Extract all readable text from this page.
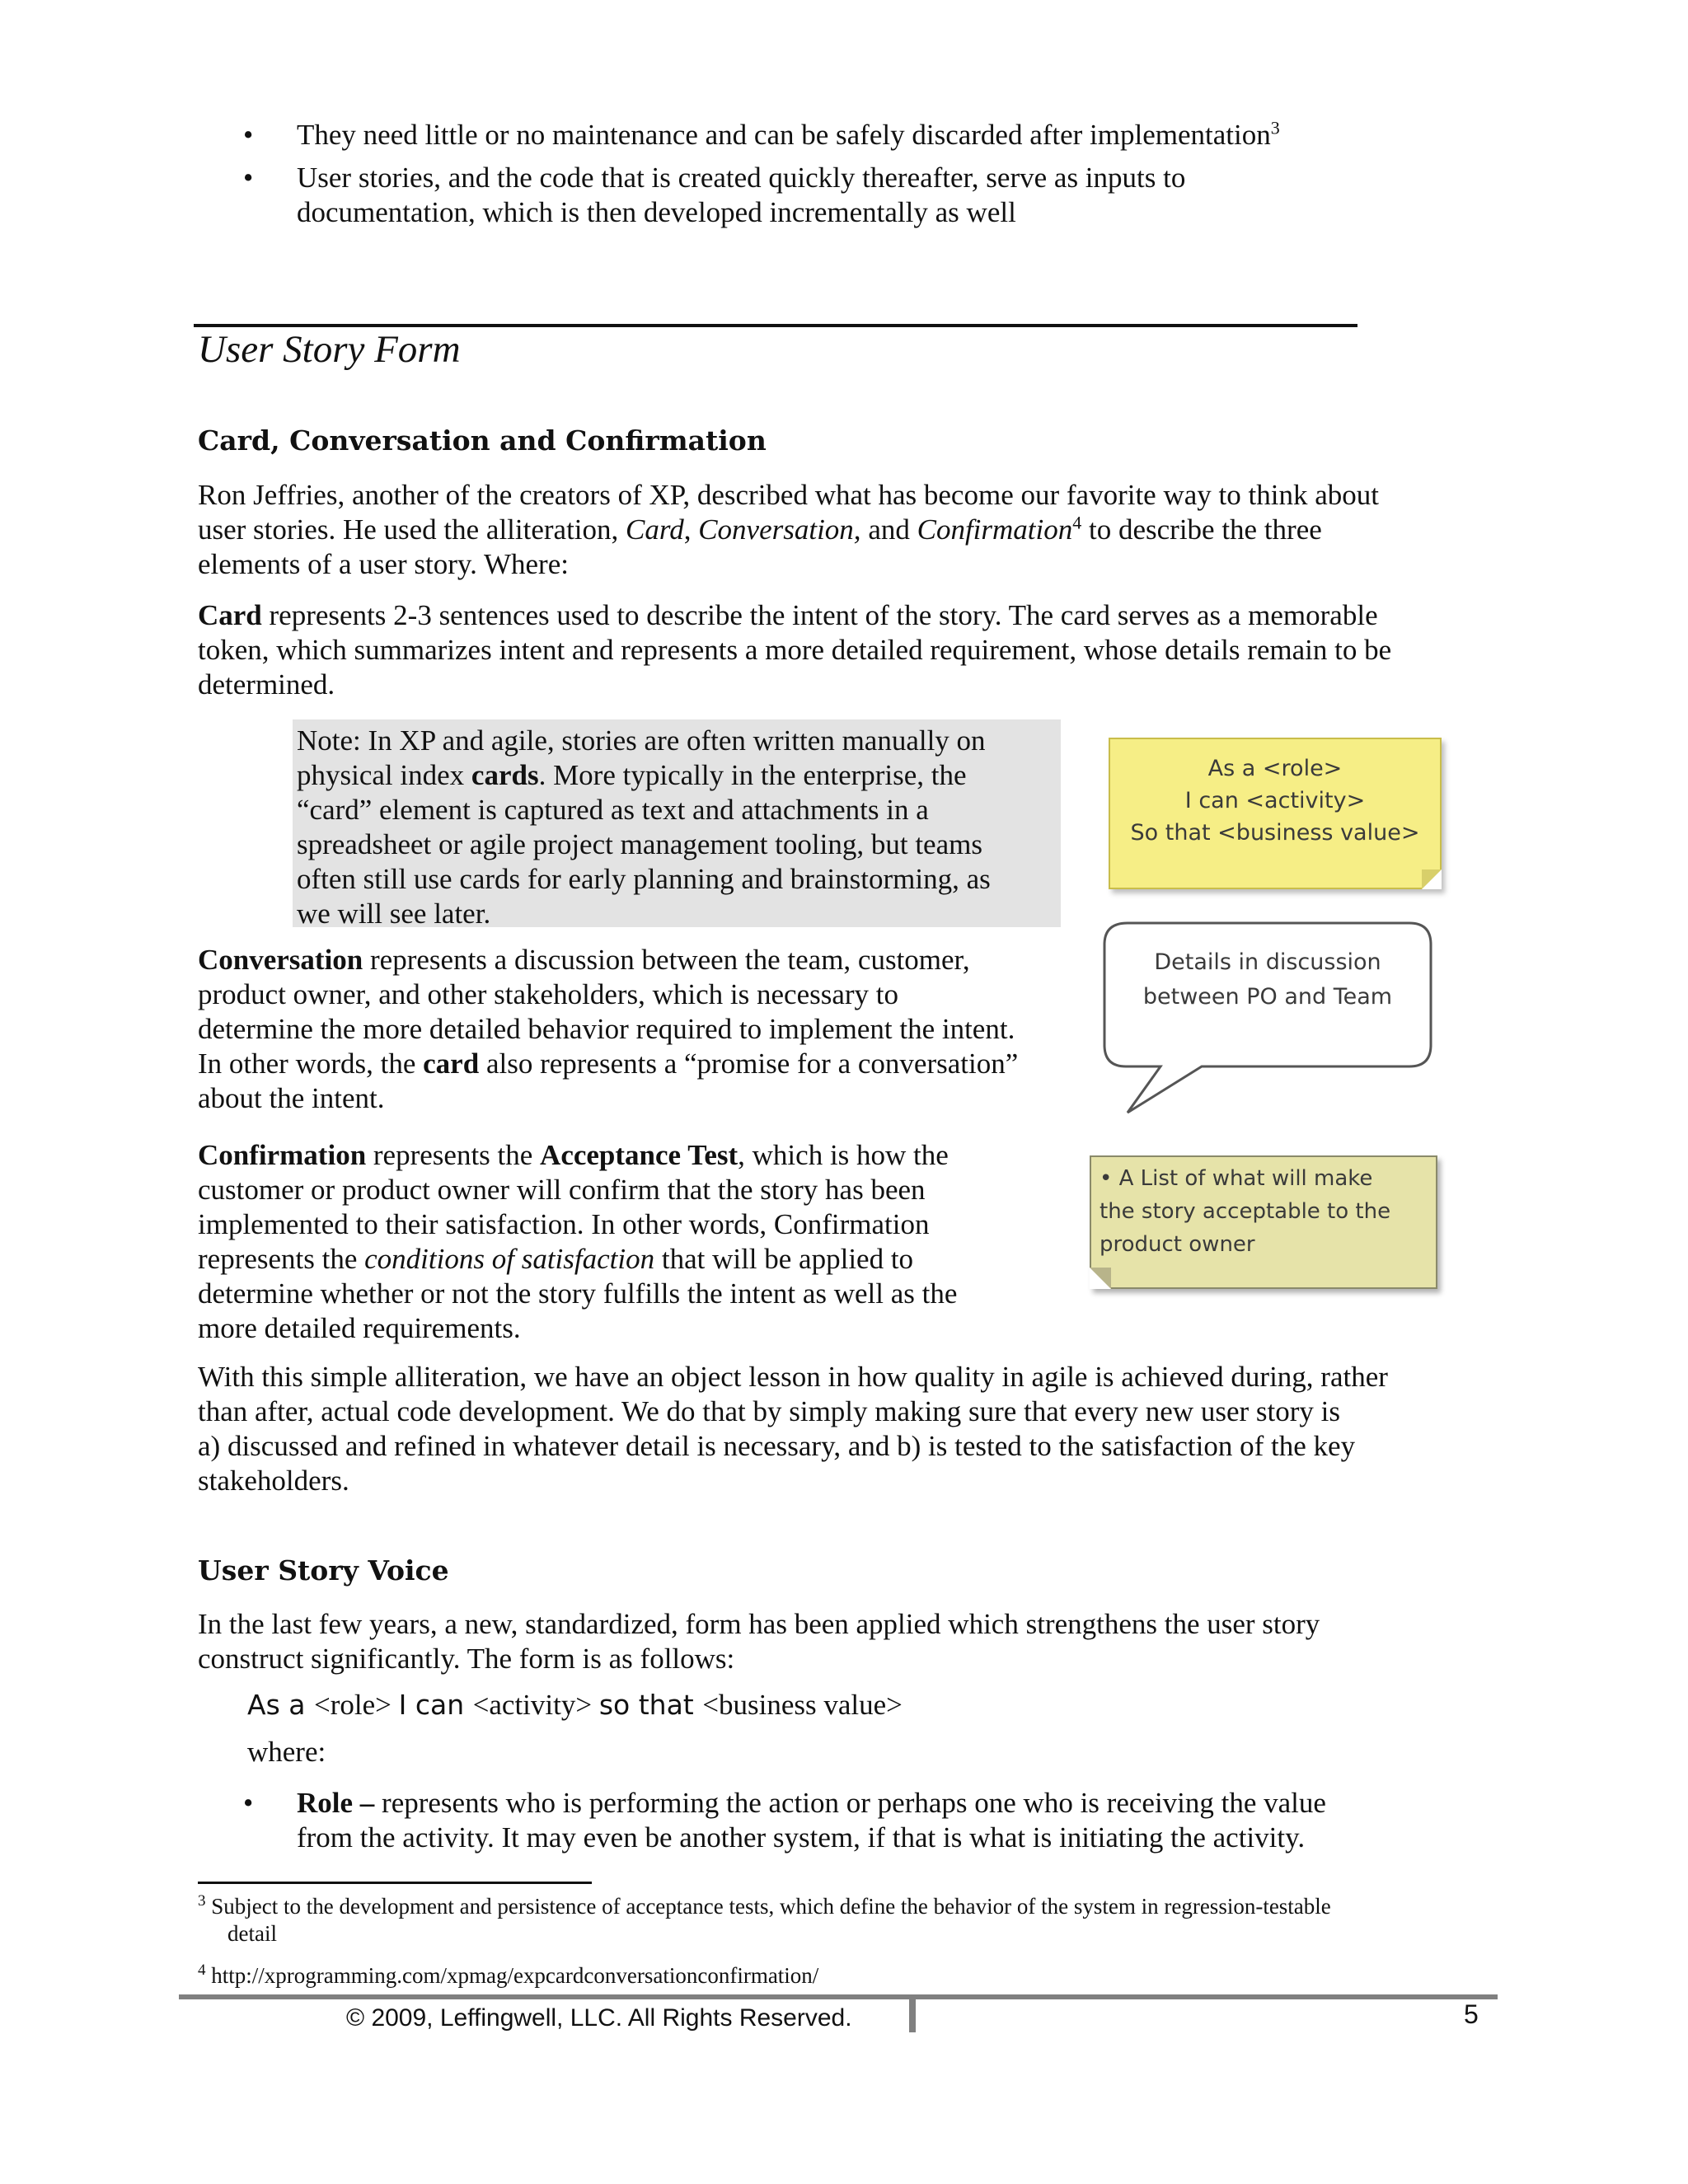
•	They need little or no maintenance and can be safely discarded after implementation$^3$
•	User stories, and the code that is created quickly thereafter, serve as inputs to
documentation, which is then developed incrementally as well
User Story Form
Card, Conversation and Confirmation
Ron Jeffries, another of the creators of XP, described what has become our favorite way to think about
user stories. He used the alliteration, Card, Conversation, and Confirmation$^4$ to describe the three
elements of a user story. Where:
Card represents 2-3 sentences used to describe the intent of the story. The card serves as a memorable
token, which summarizes intent and represents a more detailed requirement, whose details remain to be
determined.
Note: In XP and agile, stories are often written manually on
physical index cards. More typically in the enterprise, the
“card” element is captured as text and attachments in a
spreadsheet or agile project management tooling, but teams
often still use cards for early planning and brainstorming, as
we will see later.
As a <role>
I can <activity>
So that <business value>
Conversation represents a discussion between the team, customer,
product owner, and other stakeholders, which is necessary to
determine the more detailed behavior required to implement the intent.
In other words, the card also represents a “promise for a conversation”
about the intent.
Details in discussion
between PO and Team
Confirmation represents the Acceptance Test, which is how the
customer or product owner will confirm that the story has been
implemented to their satisfaction. In other words, Confirmation
represents the conditions of satisfaction that will be applied to
determine whether or not the story fulfills the intent as well as the
more detailed requirements.
• A List of what will make
the story acceptable to the
product owner
With this simple alliteration, we have an object lesson in how quality in agile is achieved during, rather
than after, actual code development. We do that by simply making sure that every new user story is
a) discussed and refined in whatever detail is necessary, and b) is tested to the satisfaction of the key
stakeholders.
User Story Voice
In the last few years, a new, standardized, form has been applied which strengthens the user story
construct significantly. The form is as follows:
As a <role> I can <activity> so that <business value>
where:
•	Role – represents who is performing the action or perhaps one who is receiving the value
from the activity. It may even be another system, if that is what is initiating the activity.
$^3$ Subject to the development and persistence of acceptance tests, which define the behavior of the system in regression-testable
detail
$^4$ http://xprogramming.com/xpmag/expcardconversationconfirmation/
© 2009, Leffingwell, LLC. All Rights Reserved.	5
